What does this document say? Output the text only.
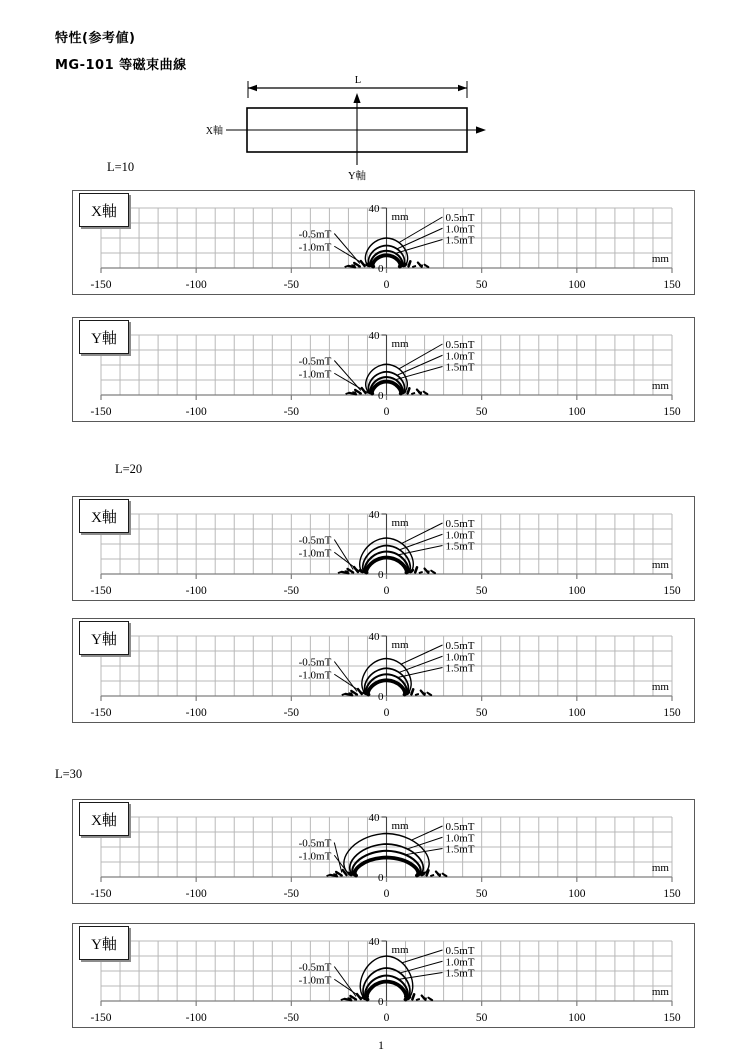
特性(参考値)
MG-101 等磁束曲線
L
X軸
Y軸
L=10
L=20
L=30
X軸
-150	-100	-50	0	50	100	150
40
mm
0
mm
0.5mT
1.0mT
1.5mT
-0.5mT
-1.0mT
Y軸
-150	-100	-50	0	50	100	150
40
mm
0
mm
0.5mT
1.0mT
1.5mT
-0.5mT
-1.0mT
X軸
-150	-100	-50	0	50	100	150
40
mm
0
mm
0.5mT
1.0mT
1.5mT
-0.5mT
-1.0mT
Y軸
-150	-100	-50	0	50	100	150
40
mm
0
mm
0.5mT
1.0mT
1.5mT
-0.5mT
-1.0mT
X軸
-150	-100	-50	0	50	100	150
40
mm
0
mm
0.5mT
1.0mT
1.5mT
-0.5mT
-1.0mT
Y軸
-150	-100	-50	0	50	100	150
40
mm
0
mm
0.5mT
1.0mT
1.5mT
-0.5mT
-1.0mT
1
